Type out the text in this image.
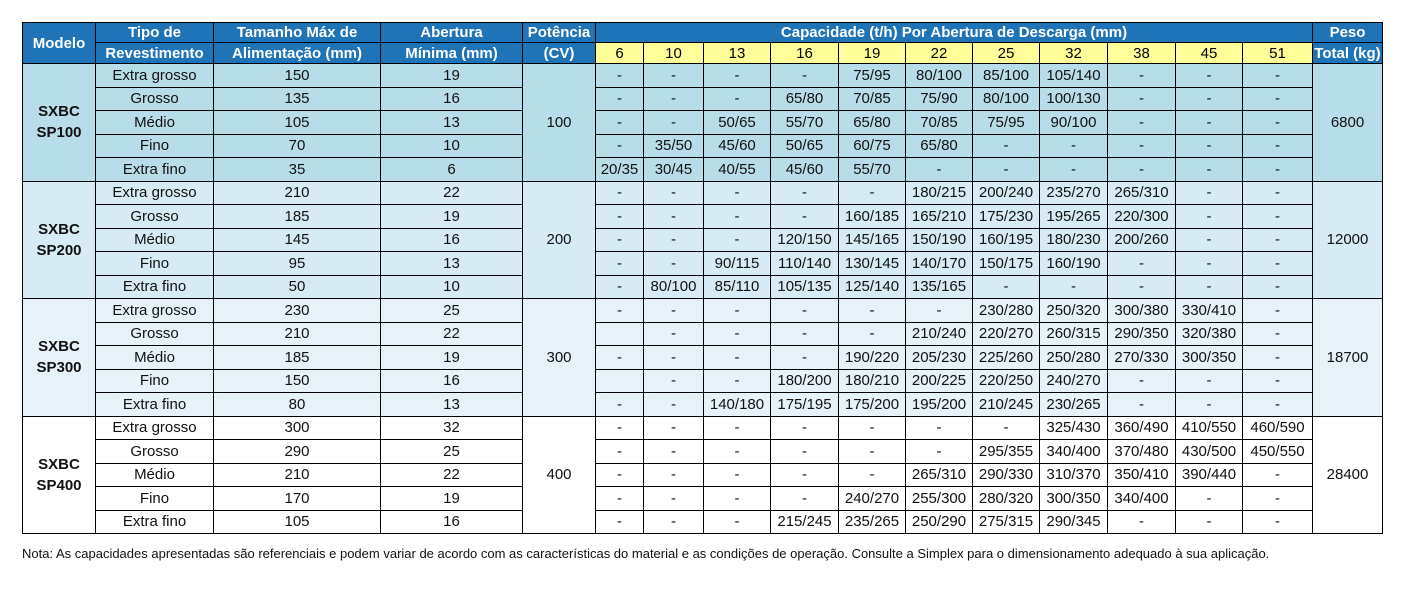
Modelo	Tipo de	Tamanho Máx de	Abertura	Potência	Capacidade (t/h) Por Abertura de Descarga (mm)											Peso
	Revestimento	Alimentação (mm)	Mínima (mm)	(CV)	6	10	13	16	19	22	25	32	38	45	51	Total (kg)

SXBC
SP100	Extra grosso	150	19	100	-	-	-	-	75/95	80/100	85/100	105/140	-	-	-	6800
	Grosso	135	16		-	-	-	65/80	70/85	75/90	80/100	100/130	-	-	-	
	Médio	105	13		-	-	50/65	55/70	65/80	70/85	75/95	90/100	-	-	-	
	Fino	70	10		-	35/50	45/60	50/65	60/75	65/80	-	-	-	-	-	
	Extra fino	35	6		20/35	30/45	40/55	45/60	55/70	-	-	-	-	-	-	

SXBC
SP200	Extra grosso	210	22	200	-	-	-	-	-	180/215	200/240	235/270	265/310	-	-	12000
	Grosso	185	19		-	-	-	-	160/185	165/210	175/230	195/265	220/300	-	-	
	Médio	145	16		-	-	-	120/150	145/165	150/190	160/195	180/230	200/260	-	-	
	Fino	95	13		-	-	90/115	110/140	130/145	140/170	150/175	160/190	-	-	-	
	Extra fino	50	10		-	80/100	85/110	105/135	125/140	135/165	-	-	-	-	-	

SXBC
SP300	Extra grosso	230	25	300	-	-	-	-	-	-	230/280	250/320	300/380	330/410	-	18700
	Grosso	210	22			-	-	-	-	210/240	220/270	260/315	290/350	320/380	-	
	Médio	185	19		-	-	-	-	190/220	205/230	225/260	250/280	270/330	300/350	-	
	Fino	150	16			-	-	180/200	180/210	200/225	220/250	240/270	-	-	-	
	Extra fino	80	13		-	-	140/180	175/195	175/200	195/200	210/245	230/265	-	-	-	

SXBC
SP400	Extra grosso	300	32	400	-	-	-	-	-	-	-	325/430	360/490	410/550	460/590	28400
	Grosso	290	25		-	-	-	-	-	-	295/355	340/400	370/480	430/500	450/550	
	Médio	210	22		-	-	-	-	-	265/310	290/330	310/370	350/410	390/440	-	
	Fino	170	19		-	-	-	-	240/270	255/300	280/320	300/350	340/400	-	-	
	Extra fino	105	16		-	-	-	215/245	235/265	250/290	275/315	290/345	-	-	-	
Nota: As capacidades apresentadas são referenciais e podem variar de acordo com as características do material e as condições de operação. Consulte a Simplex para o dimensionamento adequado à sua aplicação.
